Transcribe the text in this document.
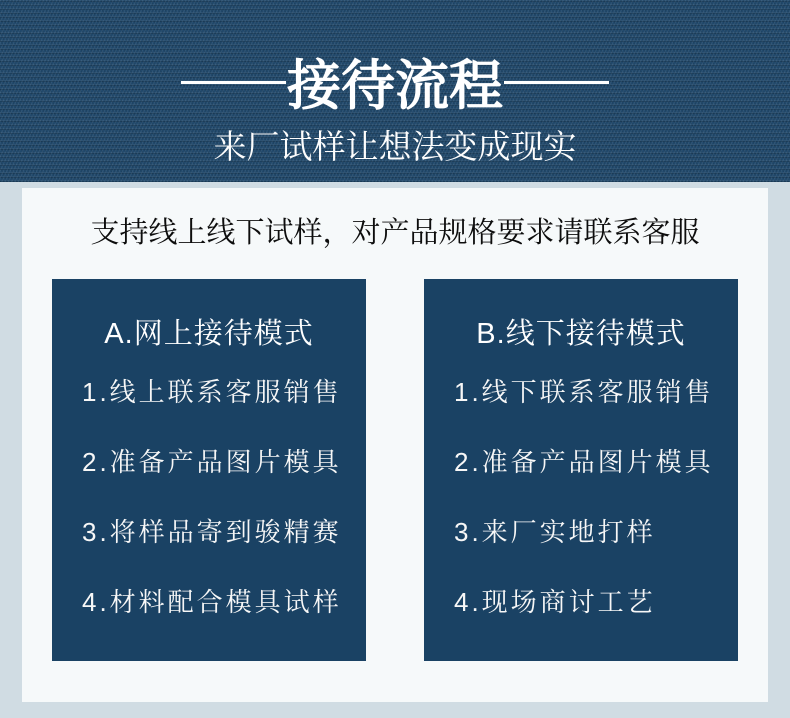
接待流程
来厂试样让想法变成现实

支持线上线下试样，对产品规格要求请联系客服

A.网上接待模式
1.线上联系客服销售
2.准备产品图片模具
3.将样品寄到骏精赛
4.材料配合模具试样
B.线下接待模式
1.线下联系客服销售
2.准备产品图片模具
3.来厂实地打样
4.现场商讨工艺
